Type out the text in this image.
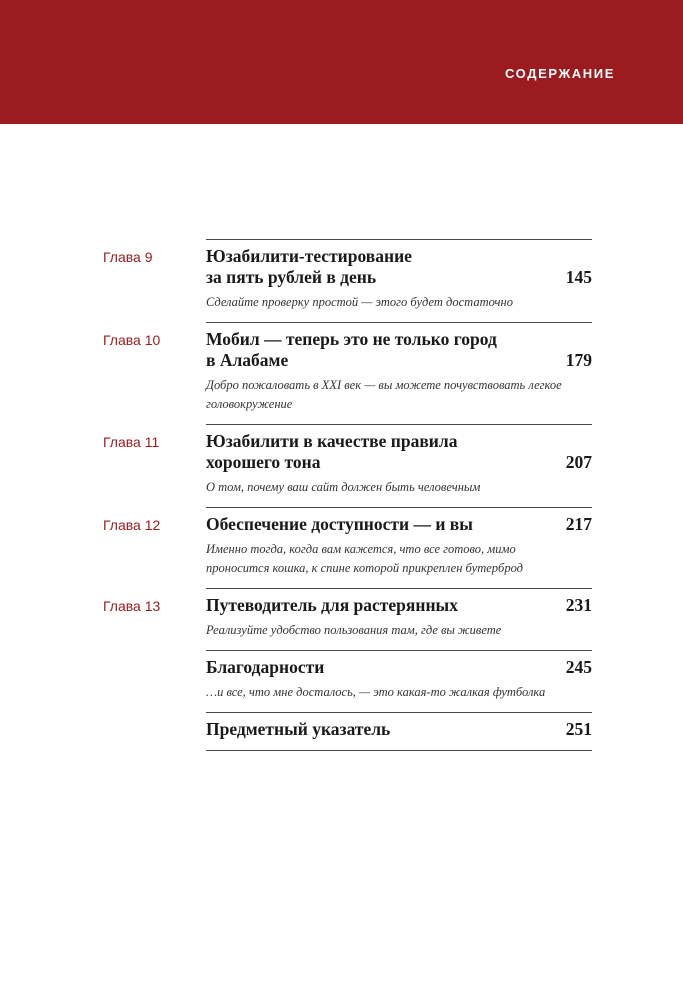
СОДЕРЖАНИЕ
Глава 9	Юзабилити-тестирование
за пять рублей в день	145
Сделайте проверку простой — этого будет достаточно
Глава 10	Мобил — теперь это не только город
в Алабаме	179
Добро пожаловать в XXI век — вы можете почувствовать легкое
головокружение
Глава 11	Юзабилити в качестве правила
хорошего тона	207
О том, почему ваш сайт должен быть человечным
Глава 12	Обеспечение доступности — и вы	217
Именно тогда, когда вам кажется, что все готово, мимо
проносится кошка, к спине которой прикреплен бутерброд
Глава 13	Путеводитель для растерянных	231
Реализуйте удобство пользования там, где вы живете
Благодарности	245
…и все, что мне досталось, — это какая-то жалкая футболка
Предметный указатель	251
